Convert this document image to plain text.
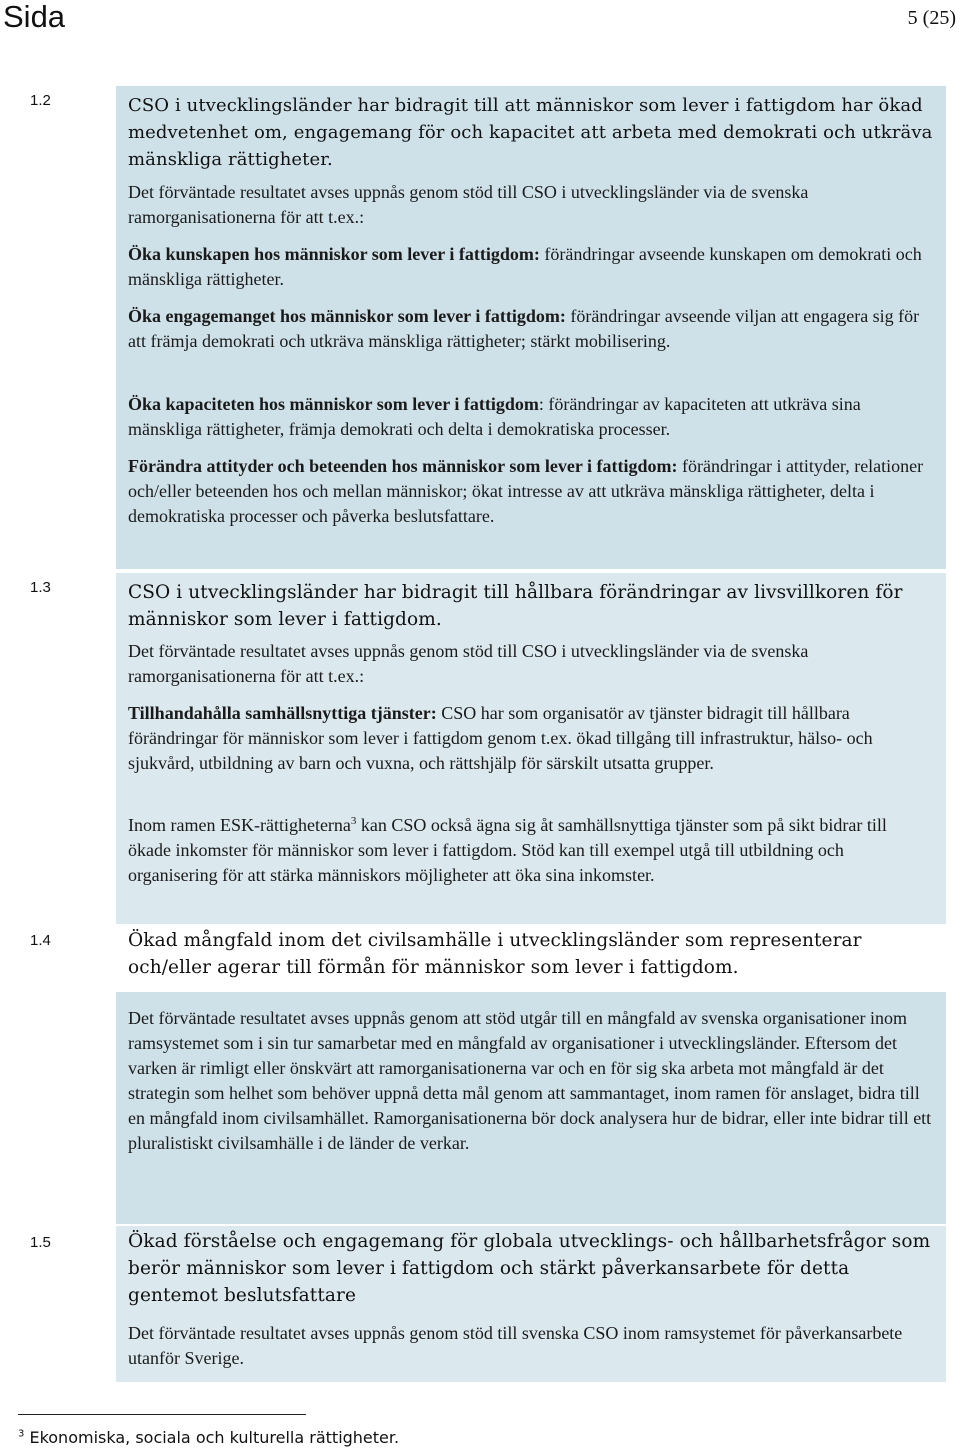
Sida	5 (25)
1.2	CSO i utvecklingsländer har bidragit till att människor som lever i fattigdom har ökad medvetenhet om, engagemang för och kapacitet att arbeta med demokrati och utkräva mänskliga rättigheter.
Det förväntade resultatet avses uppnås genom stöd till CSO i utvecklingsländer via de svenska ramorganisationerna för att t.ex.:
Öka kunskapen hos människor som lever i fattigdom: förändringar avseende kunskapen om demokrati och mänskliga rättigheter.
Öka engagemanget hos människor som lever i fattigdom: förändringar avseende viljan att engagera sig för att främja demokrati och utkräva mänskliga rättigheter; stärkt mobilisering.
Öka kapaciteten hos människor som lever i fattigdom: förändringar av kapaciteten att utkräva sina mänskliga rättigheter, främja demokrati och delta i demokratiska processer.
Förändra attityder och beteenden hos människor som lever i fattigdom: förändringar i attityder, relationer och/eller beteenden hos och mellan människor; ökat intresse av att utkräva mänskliga rättigheter, delta i demokratiska processer och påverka beslutsfattare.
1.3	CSO i utvecklingsländer har bidragit till hållbara förändringar av livsvillkoren för människor som lever i fattigdom.
Det förväntade resultatet avses uppnås genom stöd till CSO i utvecklingsländer via de svenska ramorganisationerna för att t.ex.:
Tillhandahålla samhällsnyttiga tjänster: CSO har som organisatör av tjänster bidragit till hållbara förändringar för människor som lever i fattigdom genom t.ex. ökad tillgång till infrastruktur, hälso- och sjukvård, utbildning av barn och vuxna, och rättshjälp för särskilt utsatta grupper.
Inom ramen ESK-rättigheterna$^3$ kan CSO också ägna sig åt samhällsnyttiga tjänster som på sikt bidrar till ökade inkomster för människor som lever i fattigdom. Stöd kan till exempel utgå till utbildning och organisering för att stärka människors möjligheter att öka sina inkomster.
1.4	Ökad mångfald inom det civilsamhälle i utvecklingsländer som representerar och/eller agerar till förmån för människor som lever i fattigdom.
Det förväntade resultatet avses uppnås genom att stöd utgår till en mångfald av svenska organisationer inom ramsystemet som i sin tur samarbetar med en mångfald av organisationer i utvecklingsländer. Eftersom det varken är rimligt eller önskvärt att ramorganisationerna var och en för sig ska arbeta mot mångfald är det strategin som helhet som behöver uppnå detta mål genom att sammantaget, inom ramen för anslaget, bidra till en mångfald inom civilsamhället. Ramorganisationerna bör dock analysera hur de bidrar, eller inte bidrar till ett pluralistiskt civilsamhälle i de länder de verkar.
1.5	Ökad förståelse och engagemang för globala utvecklings- och hållbarhetsfrågor som berör människor som lever i fattigdom och stärkt påverkansarbete för detta gentemot beslutsfattare
Det förväntade resultatet avses uppnås genom stöd till svenska CSO inom ramsystemet för påverkansarbete utanför Sverige.
$^3$ Ekonomiska, sociala och kulturella rättigheter.
